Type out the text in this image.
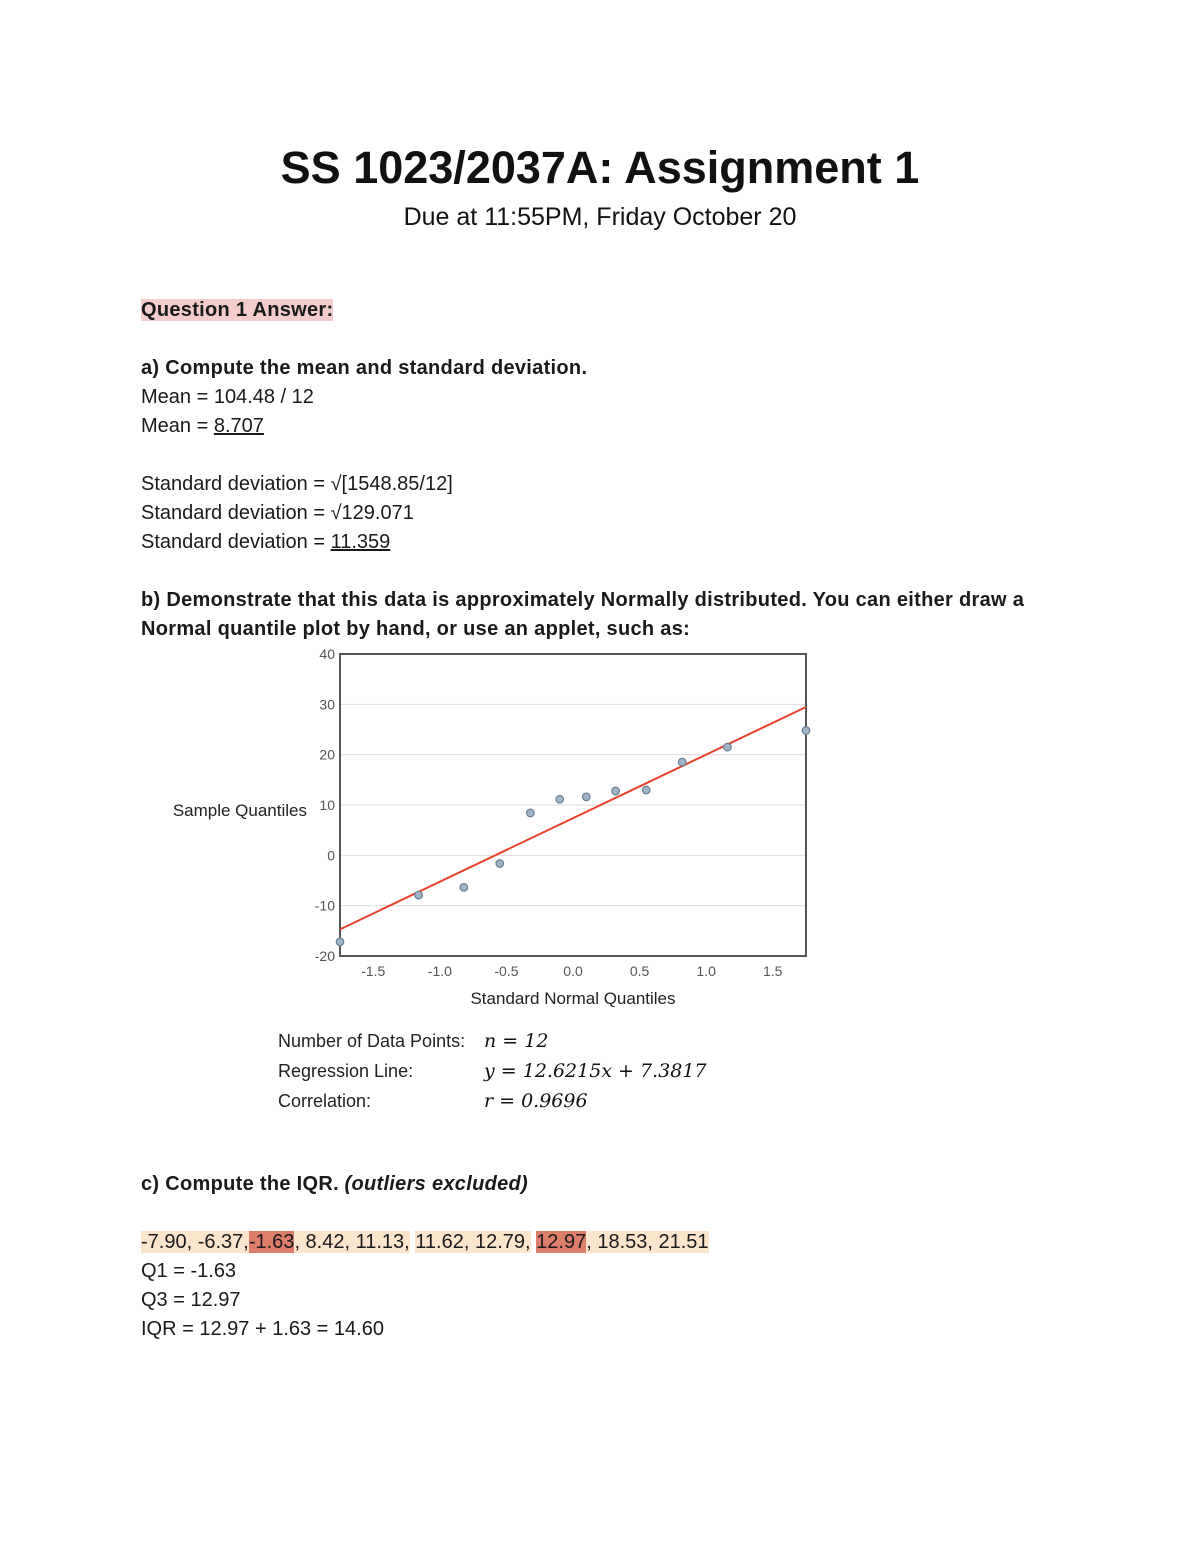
SS 1023/2037A: Assignment 1
Due at 11:55PM, Friday October 20
Question 1 Answer:
a) Compute the mean and standard deviation.
Mean = 104.48 / 12
Mean = 8.707
Standard deviation = √[1548.85/12]
Standard deviation = √129.071
Standard deviation = 11.359
b) Demonstrate that this data is approximately Normally distributed. You can either draw a Normal quantile plot by hand, or use an applet, such as:
-20
-10
0
10
20
30
40
-1.5	-1.0	-0.5	0.0	0.5	1.0	1.5
Standard Normal Quantiles
Sample Quantiles
Number of Data Points: n = 12
Regression Line:	y = 12.6215x + 7.3817
Correlation:	r = 0.9696
c) Compute the IQR. (outliers excluded)
-7.90, -6.37,-1.63, 8.42, 11.13, 11.62, 12.79, 12.97, 18.53, 21.51
Q1 = -1.63
Q3 = 12.97
IQR = 12.97 + 1.63 = 14.60
